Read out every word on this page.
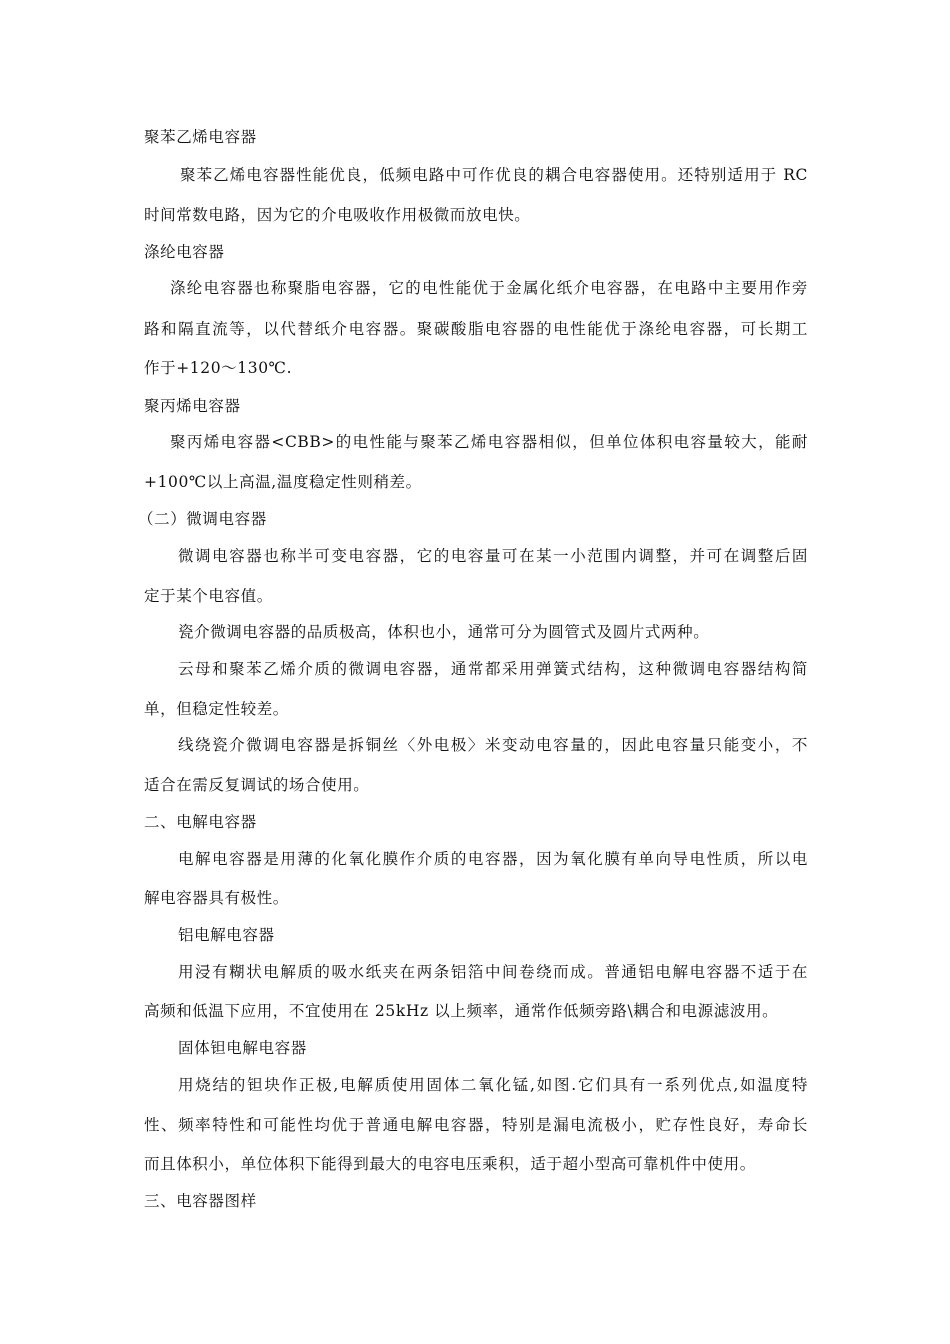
聚苯乙烯电容器
聚苯乙烯电容器性能优良，低频电路中可作优良的耦合电容器使用。还特别适用于 RC
时间常数电路，因为它的介电吸收作用极微而放电快。
涤纶电容器
涤纶电容器也称聚脂电容器，它的电性能优于金属化纸介电容器，在电路中主要用作旁
路和隔直流等，以代替纸介电容器。聚碳酸脂电容器的电性能优于涤纶电容器，可长期工
作于+120～130℃.
聚丙烯电容器
聚丙烯电容器<CBB>的电性能与聚苯乙烯电容器相似，但单位体积电容量较大，能耐
+100℃以上高温,温度稳定性则稍差。
（二）微调电容器
微调电容器也称半可变电容器，它的电容量可在某一小范围内调整，并可在调整后固
定于某个电容值。
瓷介微调电容器的品质极高，体积也小，通常可分为圆管式及圆片式两种。
云母和聚苯乙烯介质的微调电容器，通常都采用弹簧式结构，这种微调电容器结构简
单，但稳定性较差。
线绕瓷介微调电容器是拆铜丝〈外电极〉米变动电容量的，因此电容量只能变小，不
适合在需反复调试的场合使用。
二、电解电容器
电解电容器是用薄的化氧化膜作介质的电容器，因为氧化膜有单向导电性质，所以电
解电容器具有极性。
铝电解电容器
用浸有糊状电解质的吸水纸夹在两条铝箔中间卷绕而成。普通铝电解电容器不适于在
高频和低温下应用，不宜使用在 25kHz 以上频率，通常作低频旁路\耦合和电源滤波用。
固体钽电解电容器
用烧结的钽块作正极,电解质使用固体二氧化锰,如图.它们具有一系列优点,如温度特
性、频率特性和可能性均优于普通电解电容器，特别是漏电流极小，贮存性良好，寿命长
而且体积小，单位体积下能得到最大的电容电压乘积，适于超小型高可靠机件中使用。
三、电容器图样
